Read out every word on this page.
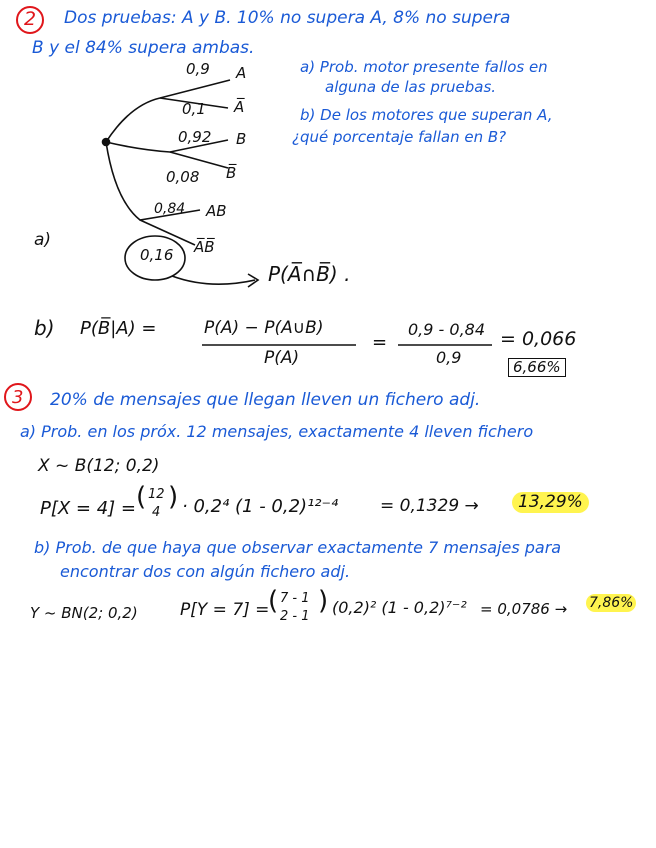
2 Dos pruebas: A y B. 10% no supera A, 8% no supera
B y el 84% supera ambas.
a) Prob. motor presente fallos en
alguna de las pruebas.
b) De los motores que superan A,
¿qué porcentaje fallan en B?
0,9 A
0,1 A̅
0,92 B
0,08 B̅
0,84 AB
0,16 A̅B̅
a)
P(A̅∩B̅) .
b) P(B̅|A) =	P(A) − P(A∪B)
P(A)
=
0,9 - 0,84
0,9
= 0,066
6,66%
3 20% de mensajes que llegan lleven un fichero adj.
a) Prob. en los próx. 12 mensajes, exactamente 4 lleven fichero
X ~ B(12; 0,2)
P[X = 4] = ( 12
4
) · 0,2⁴ (1 - 0,2)¹²⁻⁴ = 0,1329 →	13,29%
b) Prob. de que haya que observar exactamente 7 mensajes para
encontrar dos con algún fichero adj.
Y ~ BN(2; 0,2) P[Y = 7] =
( 7 - 1
2 - 1
) (0,2)² (1 - 0,2)⁷⁻² = 0,0786 → 7,86%
